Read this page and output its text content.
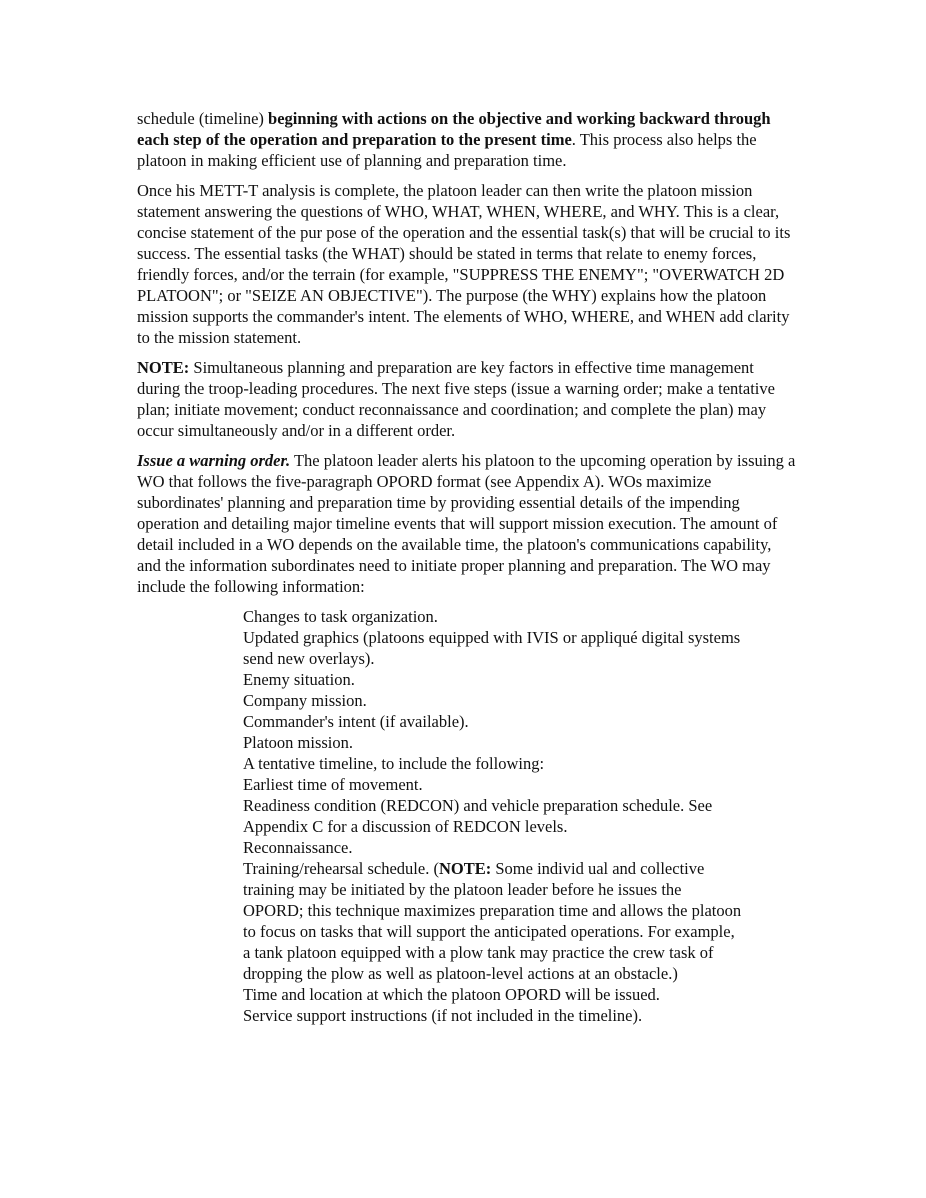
schedule (timeline) beginning with actions on the objective and working backward through each step of the operation and preparation to the present time. This process also helps the platoon in making efficient use of planning and preparation time.

Once his METT-T analysis is complete, the platoon leader can then write the platoon mission statement answering the questions of WHO, WHAT, WHEN, WHERE, and WHY. This is a clear, concise statement of the pur pose of the operation and the essential task(s) that will be crucial to its success. The essential tasks (the WHAT) should be stated in terms that relate to enemy forces, friendly forces, and/or the terrain (for example, "SUPPRESS THE ENEMY"; "OVERWATCH 2D PLATOON"; or "SEIZE AN OBJECTIVE"). The purpose (the WHY) explains how the platoon mission supports the commander's intent. The elements of WHO, WHERE, and WHEN add clarity to the mission statement.

NOTE: Simultaneous planning and preparation are key factors in effective time management during the troop-leading procedures. The next five steps (issue a warning order; make a tentative plan; initiate movement; conduct reconnaissance and coordination; and complete the plan) may occur simultaneously and/or in a different order.

Issue a warning order. The platoon leader alerts his platoon to the upcoming operation by issuing a WO that follows the five-paragraph OPORD format (see Appendix A). WOs maximize subordinates' planning and preparation time by providing essential details of the impending operation and detailing major timeline events that will support mission execution. The amount of detail included in a WO depends on the available time, the platoon's communications capability, and the information subordinates need to initiate proper planning and preparation. The WO may include the following information:

Changes to task organization.
Updated graphics (platoons equipped with IVIS or appliqué digital systems send new overlays).
Enemy situation.
Company mission.
Commander's intent (if available).
Platoon mission.
A tentative timeline, to include the following:
Earliest time of movement.
Readiness condition (REDCON) and vehicle preparation schedule. See Appendix C for a discussion of REDCON levels.
Reconnaissance.
Training/rehearsal schedule. (NOTE: Some individ ual and collective training may be initiated by the platoon leader before he issues the OPORD; this technique maximizes preparation time and allows the platoon to focus on tasks that will support the anticipated operations. For example, a tank platoon equipped with a plow tank may practice the crew task of dropping the plow as well as platoon-level actions at an obstacle.)
Time and location at which the platoon OPORD will be issued.
Service support instructions (if not included in the timeline).
